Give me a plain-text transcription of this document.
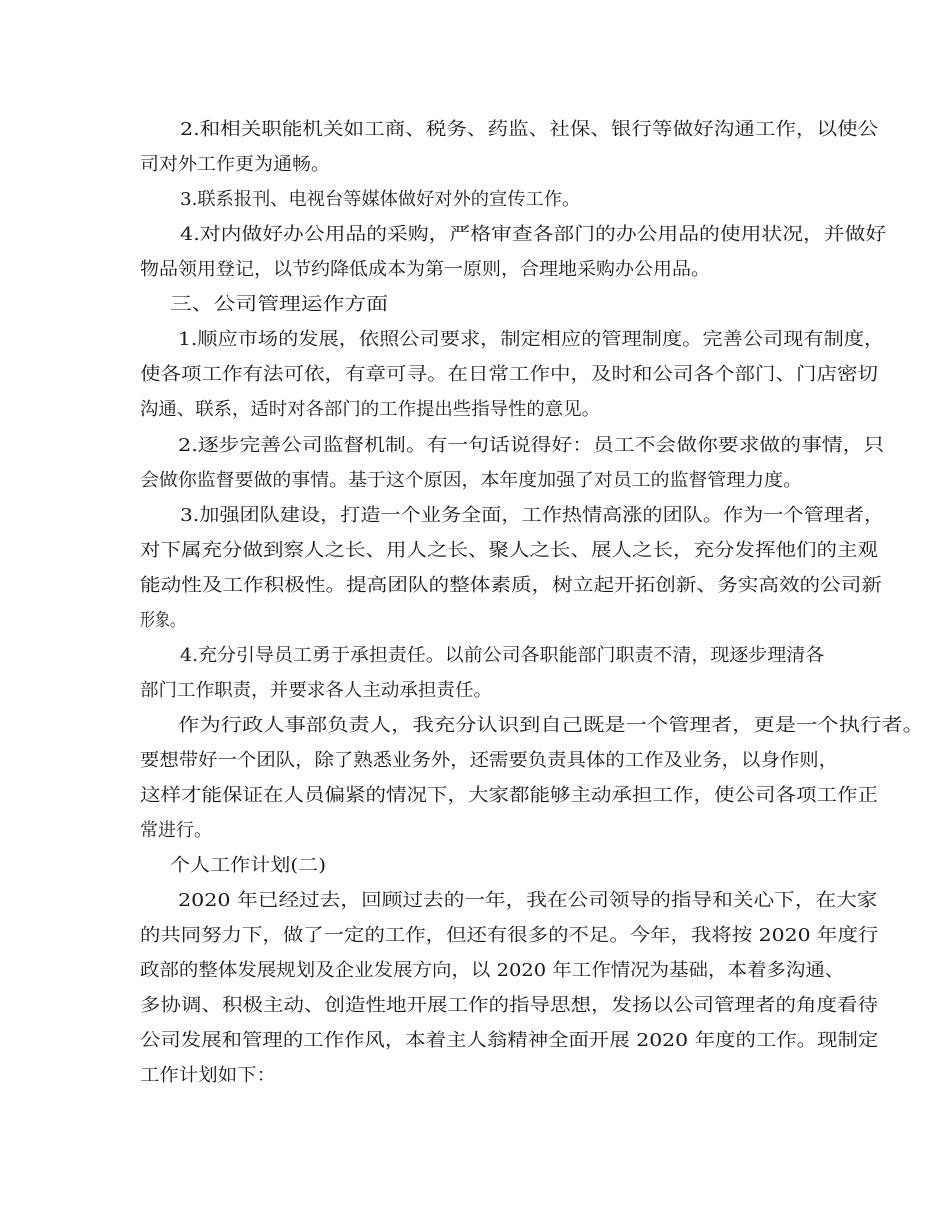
2.和相关职能机关如工商、税务、药监、社保、银行等做好沟通工作，以使公
司对外工作更为通畅。
3.联系报刊、电视台等媒体做好对外的宣传工作。
4.对内做好办公用品的采购，严格审查各部门的办公用品的使用状况，并做好
物品领用登记，以节约降低成本为第一原则，合理地采购办公用品。
三、公司管理运作方面
1.顺应市场的发展，依照公司要求，制定相应的管理制度。完善公司现有制度，
使各项工作有法可依，有章可寻。在日常工作中，及时和公司各个部门、门店密切
沟通、联系，适时对各部门的工作提出些指导性的意见。
2.逐步完善公司监督机制。有一句话说得好：员工不会做你要求做的事情，只
会做你监督要做的事情。基于这个原因，本年度加强了对员工的监督管理力度。
3.加强团队建设，打造一个业务全面，工作热情高涨的团队。作为一个管理者，
对下属充分做到察人之长、用人之长、聚人之长、展人之长，充分发挥他们的主观
能动性及工作积极性。提高团队的整体素质，树立起开拓创新、务实高效的公司新
形象。
4.充分引导员工勇于承担责任。以前公司各职能部门职责不清，现逐步理清各
部门工作职责，并要求各人主动承担责任。
作为行政人事部负责人，我充分认识到自己既是一个管理者，更是一个执行者。
要想带好一个团队，除了熟悉业务外，还需要负责具体的工作及业务，以身作则，
这样才能保证在人员偏紧的情况下，大家都能够主动承担工作，使公司各项工作正
常进行。
个人工作计划(二)
2020 年已经过去，回顾过去的一年，我在公司领导的指导和关心下，在大家
的共同努力下，做了一定的工作，但还有很多的不足。今年，我将按 2020 年度行
政部的整体发展规划及企业发展方向，以 2020 年工作情况为基础，本着多沟通、
多协调、积极主动、创造性地开展工作的指导思想，发扬以公司管理者的角度看待
公司发展和管理的工作作风，本着主人翁精神全面开展 2020 年度的工作。现制定
工作计划如下：
